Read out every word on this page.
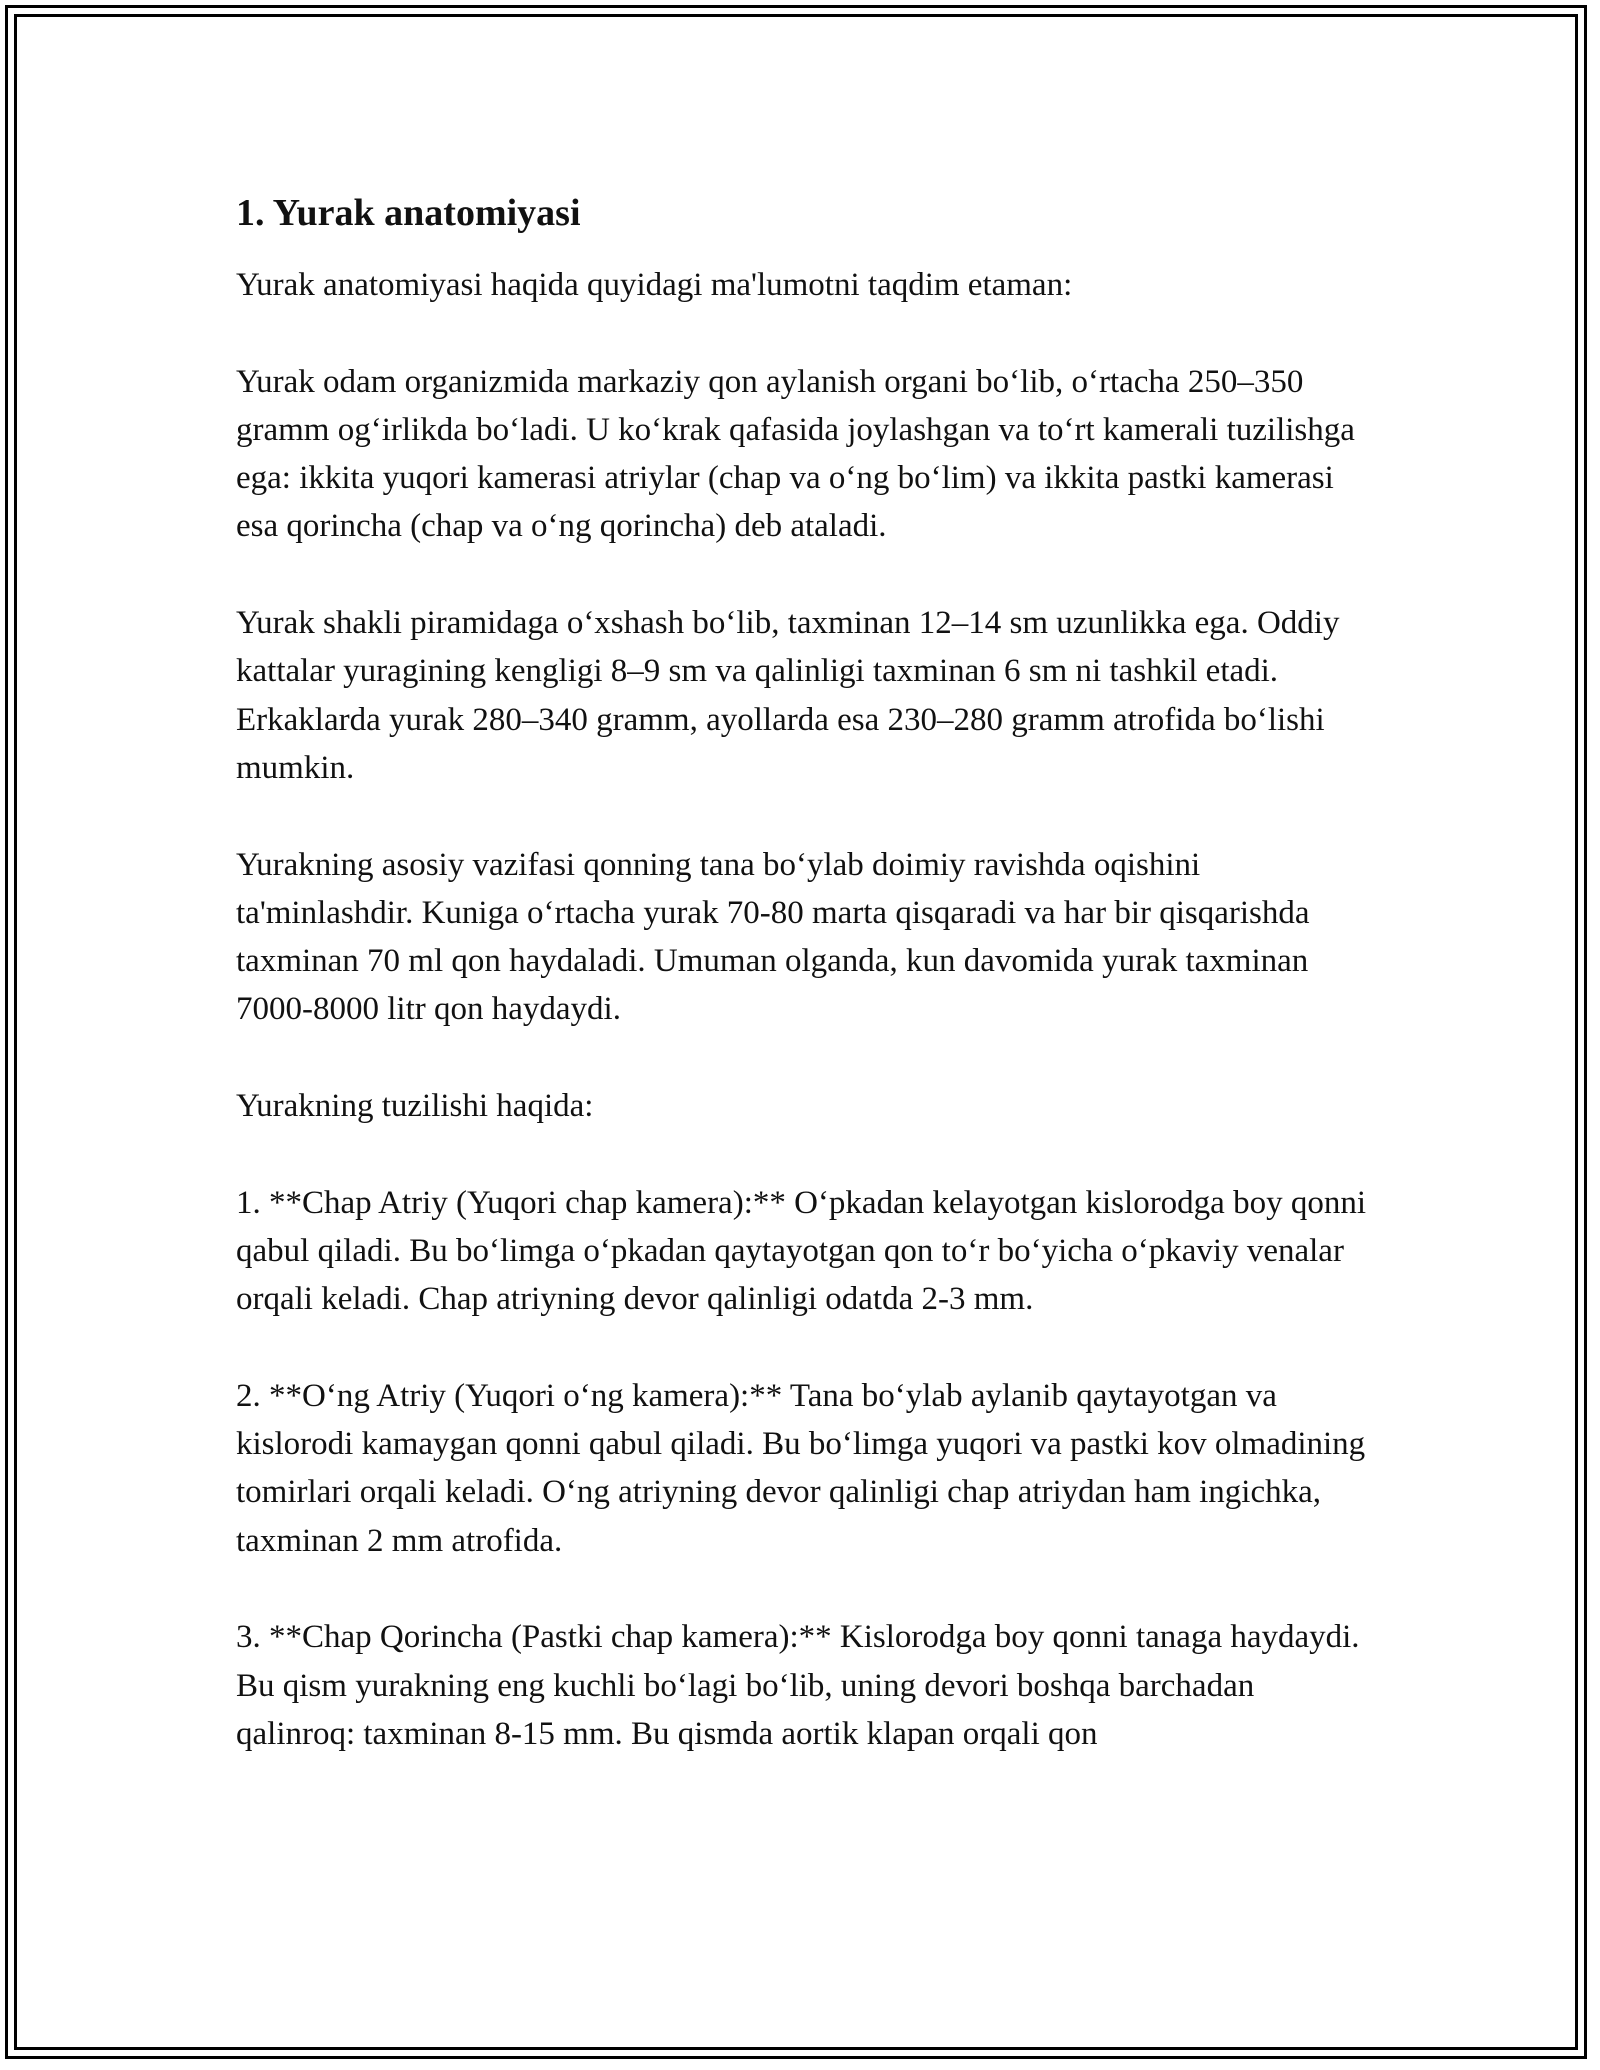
1. Yurak anatomiyasi

Yurak anatomiyasi haqida quyidagi ma'lumotni taqdim etaman:

Yurak odam organizmida markaziy qon aylanish organi bo‘lib, o‘rtacha 250–350 gramm og‘irlikda bo‘ladi. U ko‘krak qafasida joylashgan va to‘rt kamerali tuzilishga ega: ikkita yuqori kamerasi atriylar (chap va o‘ng bo‘lim) va ikkita pastki kamerasi esa qorincha (chap va o‘ng qorincha) deb ataladi.

Yurak shakli piramidaga o‘xshash bo‘lib, taxminan 12–14 sm uzunlikka ega. Oddiy kattalar yuragining kengligi 8–9 sm va qalinligi taxminan 6 sm ni tashkil etadi. Erkaklarda yurak 280–340 gramm, ayollarda esa 230–280 gramm atrofida bo‘lishi mumkin.

Yurakning asosiy vazifasi qonning tana bo‘ylab doimiy ravishda oqishini ta'minlashdir. Kuniga o‘rtacha yurak 70-80 marta qisqaradi va har bir qisqarishda taxminan 70 ml qon haydaladi. Umuman olganda, kun davomida yurak taxminan 7000-8000 litr qon haydaydi.

Yurakning tuzilishi haqida:

1. **Chap Atriy (Yuqori chap kamera):** O‘pkadan kelayotgan kislorodga boy qonni qabul qiladi. Bu bo‘limga o‘pkadan qaytayotgan qon to‘r bo‘yicha o‘pkaviy venalar orqali keladi. Chap atriyning devor qalinligi odatda 2-3 mm.

2. **O‘ng Atriy (Yuqori o‘ng kamera):** Tana bo‘ylab aylanib qaytayotgan va kislorodi kamaygan qonni qabul qiladi. Bu bo‘limga yuqori va pastki kov olmadining tomirlari orqali keladi. O‘ng atriyning devor qalinligi chap atriydan ham ingichka, taxminan 2 mm atrofida.

3. **Chap Qorincha (Pastki chap kamera):** Kislorodga boy qonni tanaga haydaydi. Bu qism yurakning eng kuchli bo‘lagi bo‘lib, uning devori boshqa barchadan qalinroq: taxminan 8-15 mm. Bu qismda aortik klapan orqali qon
